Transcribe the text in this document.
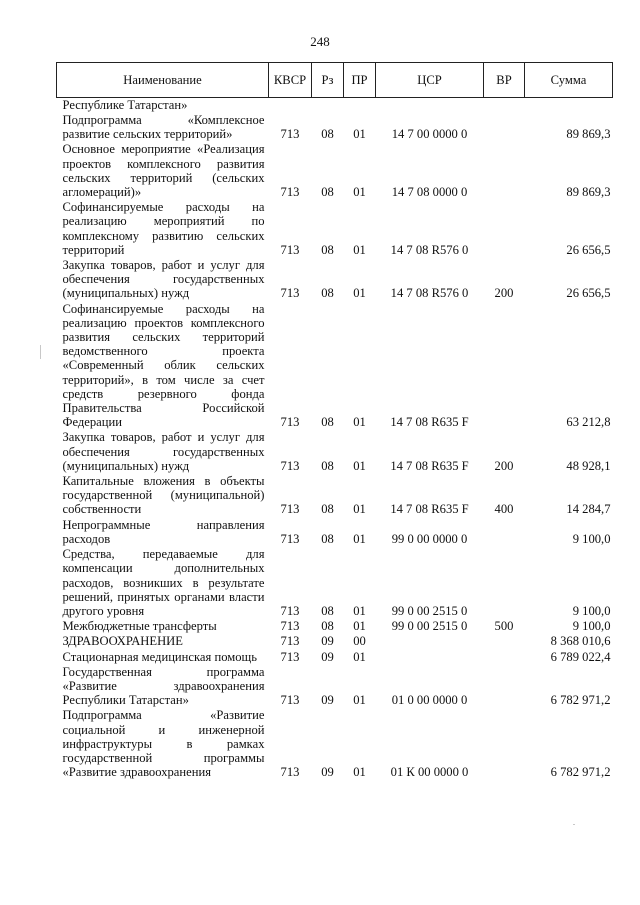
248
Наименование	КВСР	Рз	ПР	ЦСР	ВР	Сумма
Республике Татарстан»						
Подпрограмма «Комплексное развитие сельских территорий»	713	08	01	14 7 00 0000 0		89 869,3
Основное мероприятие «Реализация проектов комплексного развития сельских территорий (сельских агломераций)»	713	08	01	14 7 08 0000 0		89 869,3
Софинансируемые расходы на реализацию мероприятий по комплексному развитию сельских территорий	713	08	01	14 7 08 R576 0		26 656,5
Закупка товаров, работ и услуг для обеспечения государственных (муниципальных) нужд	713	08	01	14 7 08 R576 0	200	26 656,5
Софинансируемые расходы на реализацию проектов комплексного развития сельских территорий ведомственного проекта «Современный облик сельских территорий», в том числе за счет средств резервного фонда Правительства Российской Федерации	713	08	01	14 7 08 R635 F		63 212,8
Закупка товаров, работ и услуг для обеспечения государственных (муниципальных) нужд	713	08	01	14 7 08 R635 F	200	48 928,1
Капитальные вложения в объекты государственной (муниципальной) собственности	713	08	01	14 7 08 R635 F	400	14 284,7
Непрограммные направления расходов	713	08	01	99 0 00 0000 0		9 100,0
Средства, передаваемые для компенсации дополнительных расходов, возникших в результате решений, принятых органами власти другого уровня	713	08	01	99 0 00 2515 0		9 100,0
Межбюджетные трансферты	713	08	01	99 0 00 2515 0	500	9 100,0
ЗДРАВООХРАНЕНИЕ	713	09	00			8 368 010,6
Стационарная медицинская помощь	713	09	01			6 789 022,4
Государственная программа «Развитие здравоохранения Республики Татарстан»	713	09	01	01 0 00 0000 0		6 782 971,2
Подпрограмма «Развитие социальной и инженерной инфраструктуры в рамках государственной программы «Развитие здравоохранения	713	09	01	01 К 00 0000 0		6 782 971,2
